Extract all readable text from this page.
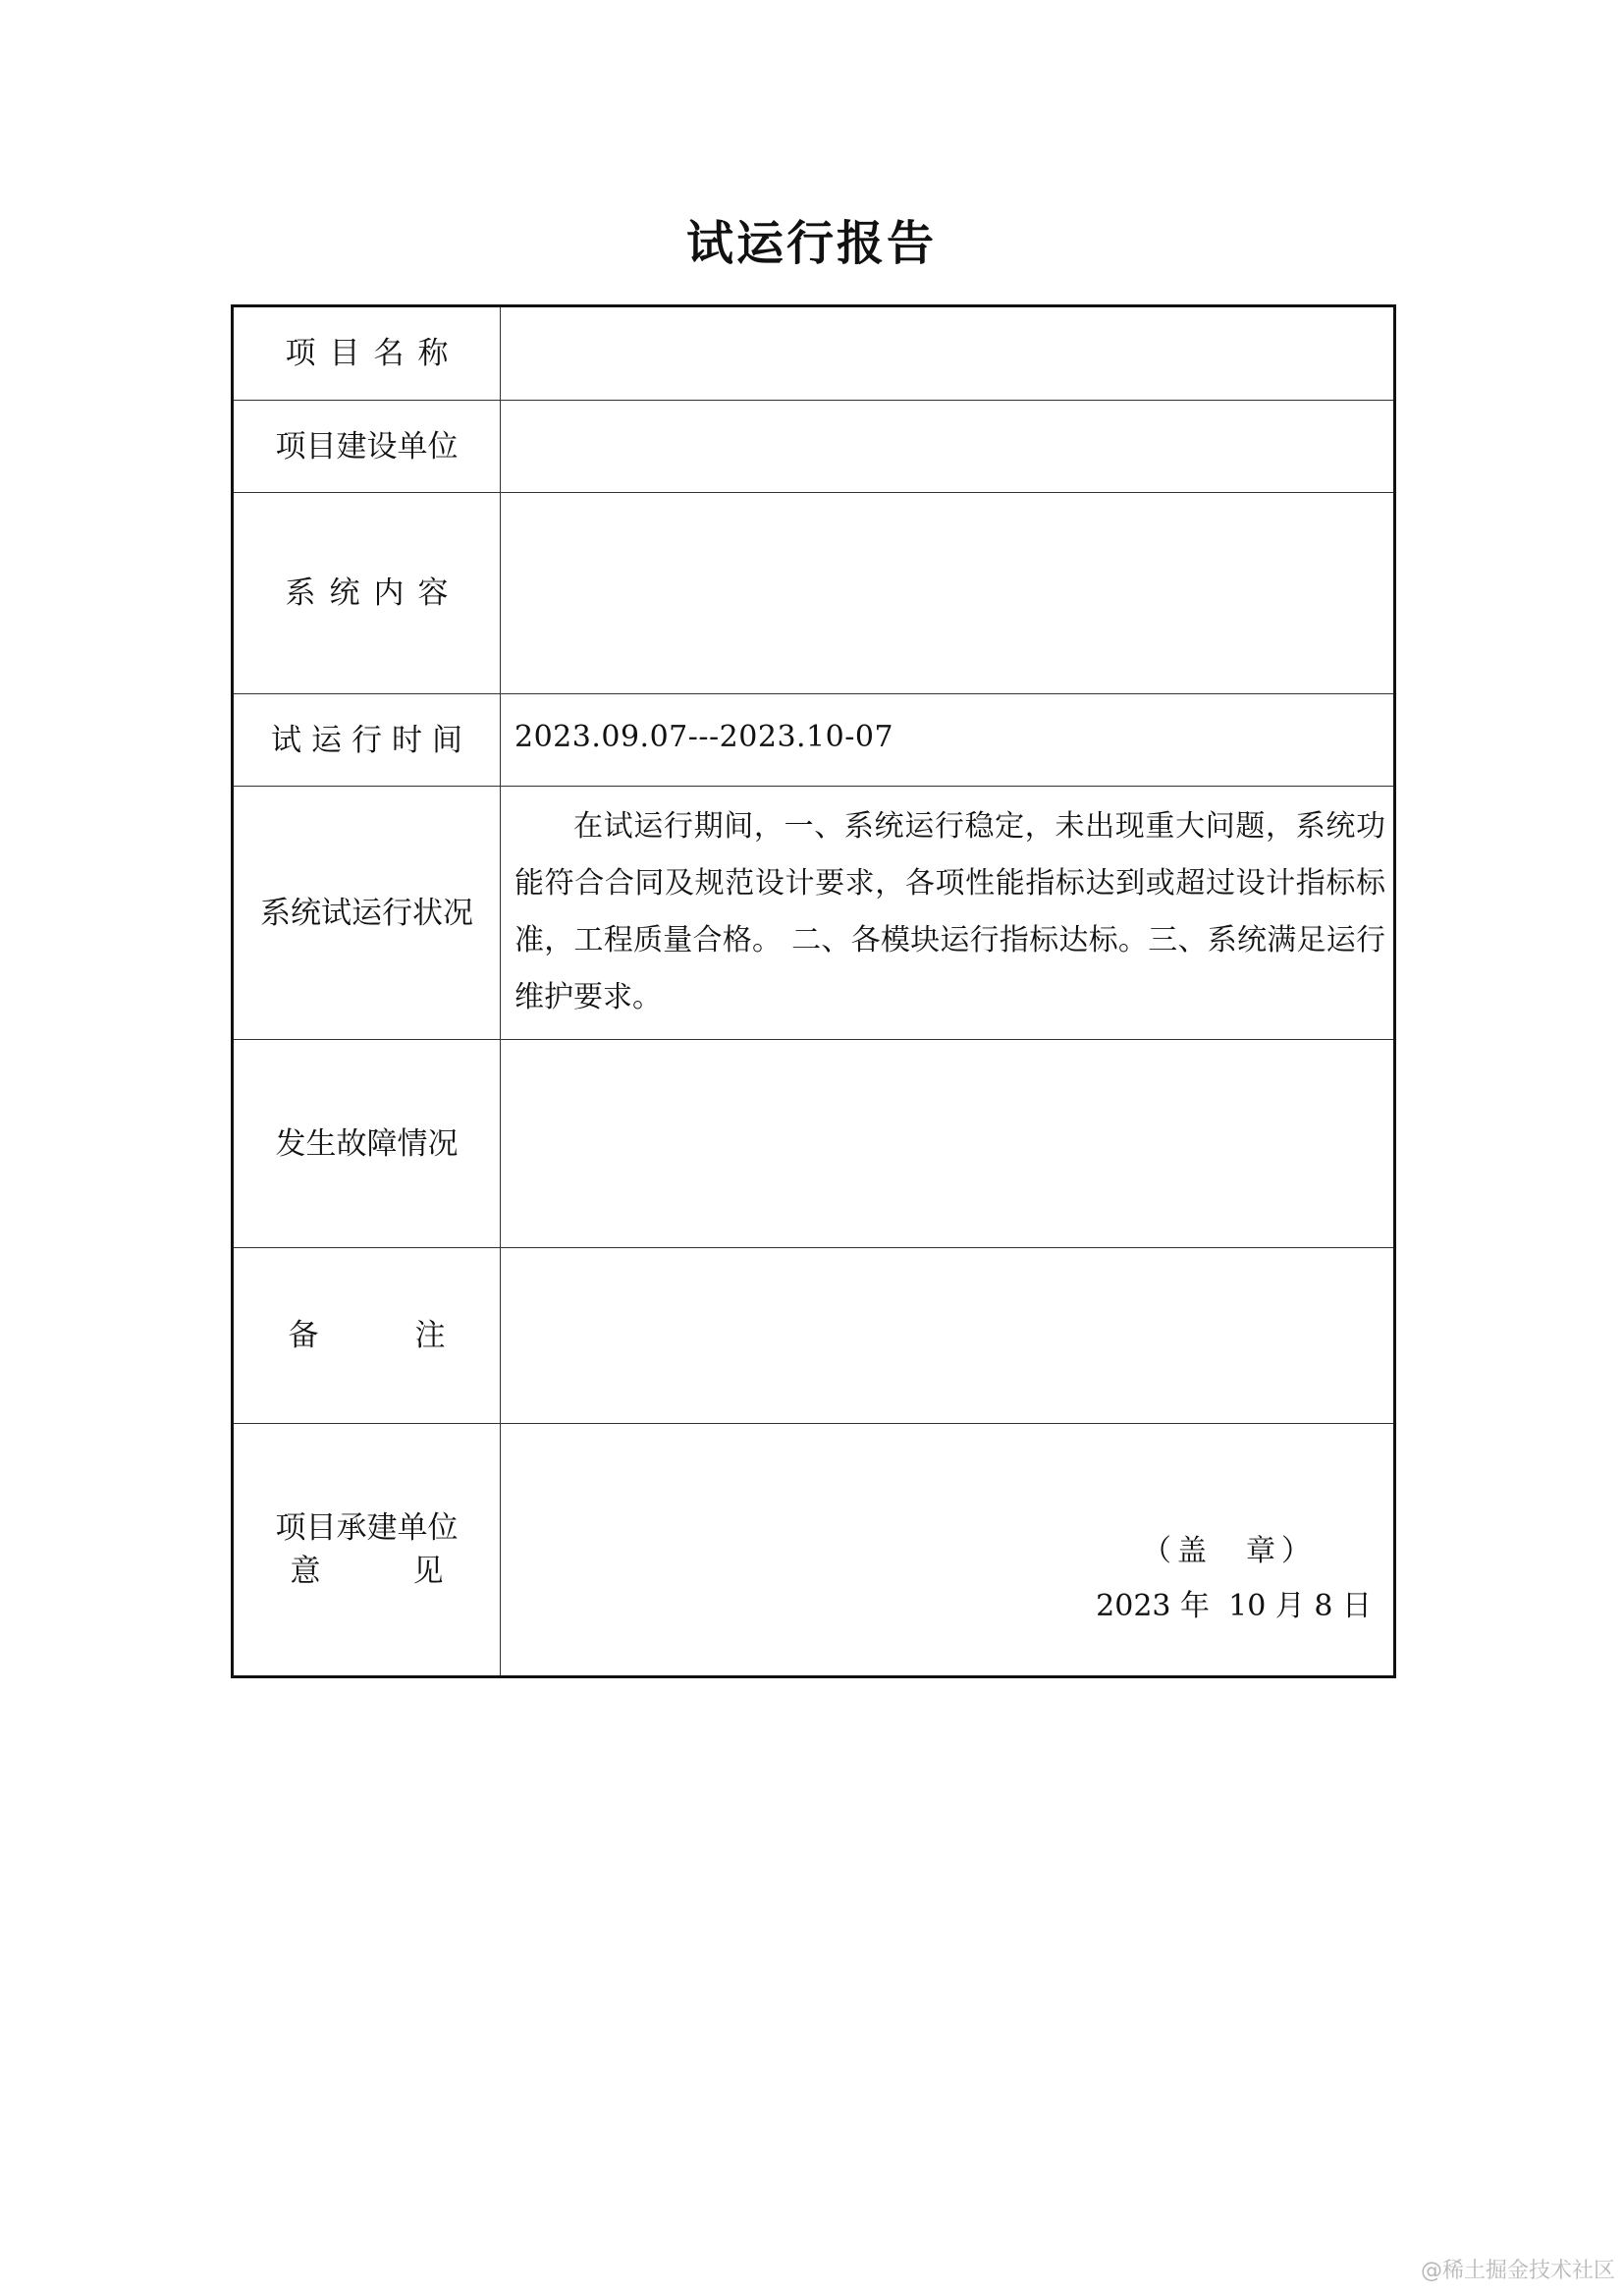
试运行报告
项目名称
项目建设单位
系统内容
试运行时间 2023.09.07---2023.10-07
系统试运行状况
在试运行期间，一、系统运行稳定，未出现重大问题，系统功能符合合同及规范设计要求，各项性能指标达到或超过设计指标标准，工程质量合格。 二、各模块运行指标达标。三、系统满足运行维护要求。
发生故障情况
备	注
项目承建单位
意	见
（盖 章）
2023 年  10 月 8 日
@稀土掘金技术社区
